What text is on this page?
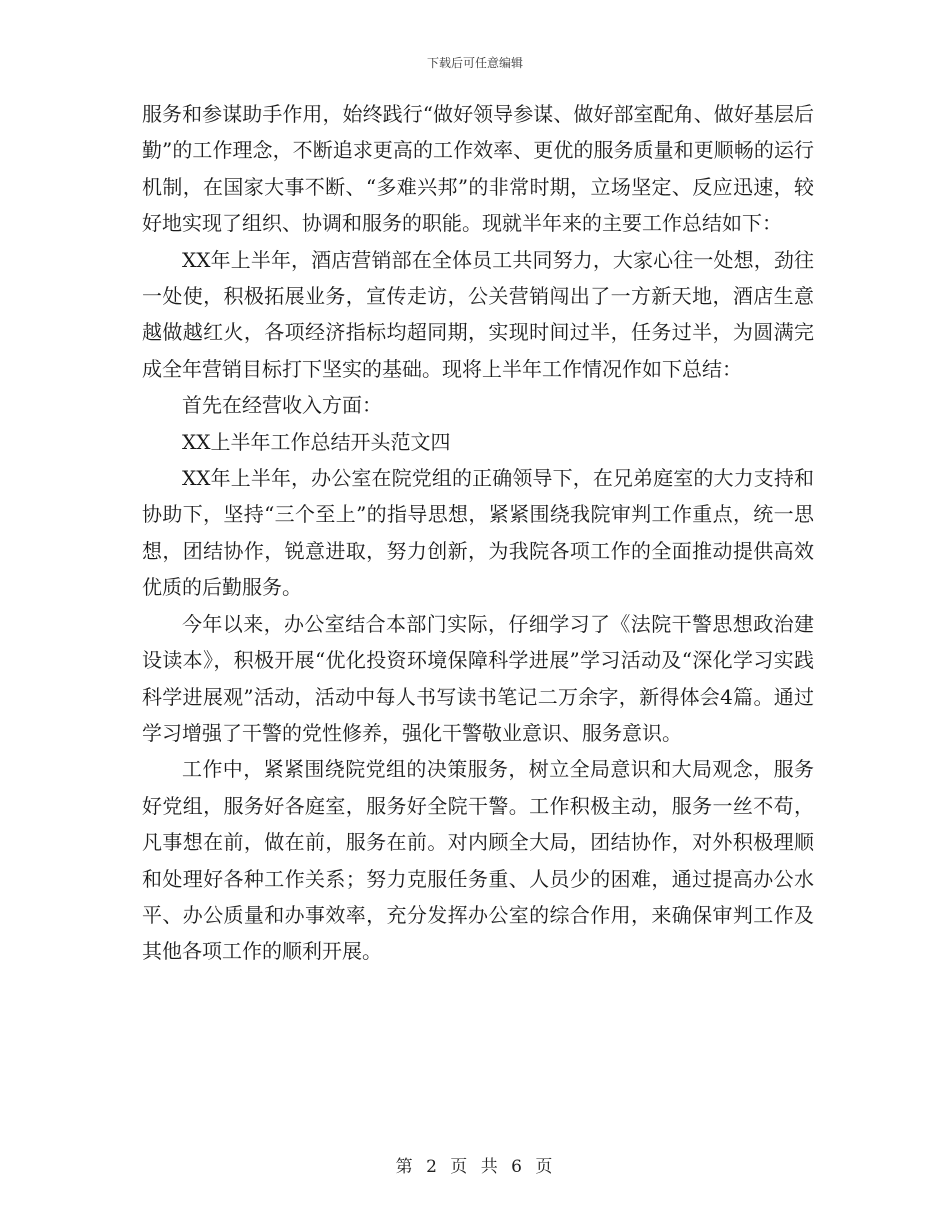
下载后可任意编辑

服务和参谋助手作用，始终践行“做好领导参谋、做好部室配角、做好基层后勤”的工作理念，不断追求更高的工作效率、更优的服务质量和更顺畅的运行机制，在国家大事不断、“多难兴邦”的非常时期，立场坚定、反应迅速，较好地实现了组织、协调和服务的职能。现就半年来的主要工作总结如下：

XX年上半年，酒店营销部在全体员工共同努力，大家心往一处想，劲往一处使，积极拓展业务，宣传走访，公关营销闯出了一方新天地，酒店生意越做越红火，各项经济指标均超同期，实现时间过半，任务过半，为圆满完成全年营销目标打下坚实的基础。现将上半年工作情况作如下总结：

首先在经营收入方面：

XX上半年工作总结开头范文四

XX年上半年，办公室在院党组的正确领导下，在兄弟庭室的大力支持和协助下，坚持“三个至上”的指导思想，紧紧围绕我院审判工作重点，统一思想，团结协作，锐意进取，努力创新，为我院各项工作的全面推动提供高效优质的后勤服务。

今年以来，办公室结合本部门实际，仔细学习了《法院干警思想政治建设读本》，积极开展“优化投资环境保障科学进展”学习活动及“深化学习实践科学进展观”活动，活动中每人书写读书笔记二万余字，新得体会4篇。通过学习增强了干警的党性修养，强化干警敬业意识、服务意识。

工作中，紧紧围绕院党组的决策服务，树立全局意识和大局观念，服务好党组，服务好各庭室，服务好全院干警。工作积极主动，服务一丝不苟，凡事想在前，做在前，服务在前。对内顾全大局，团结协作，对外积极理顺和处理好各种工作关系；努力克服任务重、人员少的困难，通过提高办公水平、办公质量和办事效率，充分发挥办公室的综合作用，来确保审判工作及其他各项工作的顺利开展。

第 2 页 共 6 页
